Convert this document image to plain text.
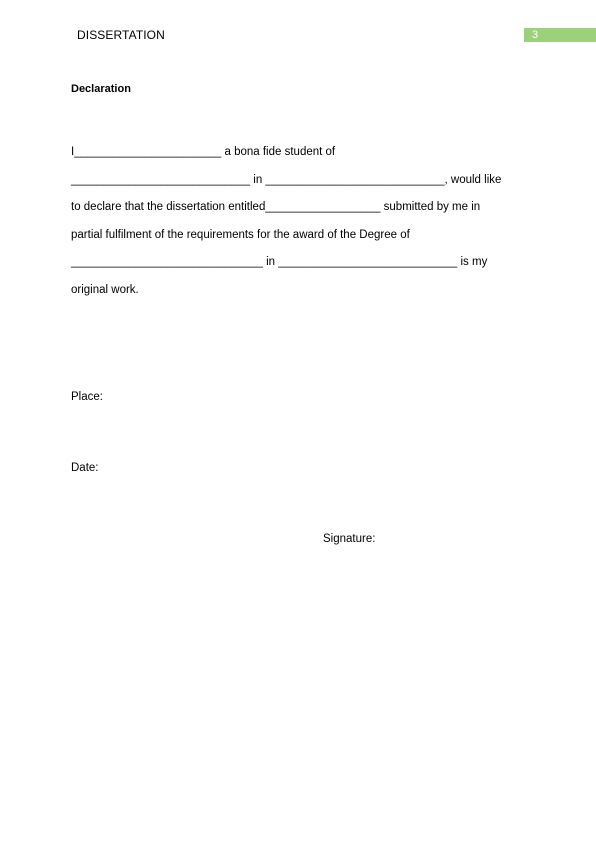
DISSERTATION	3
Declaration
I_______________________ a bona fide student of
____________________________ in ____________________________, would like
to declare that the dissertation entitled__________________ submitted by me in
partial fulfilment of the requirements for the award of the Degree of
______________________________ in ____________________________ is my
original work.
Place:
Date:
Signature:
